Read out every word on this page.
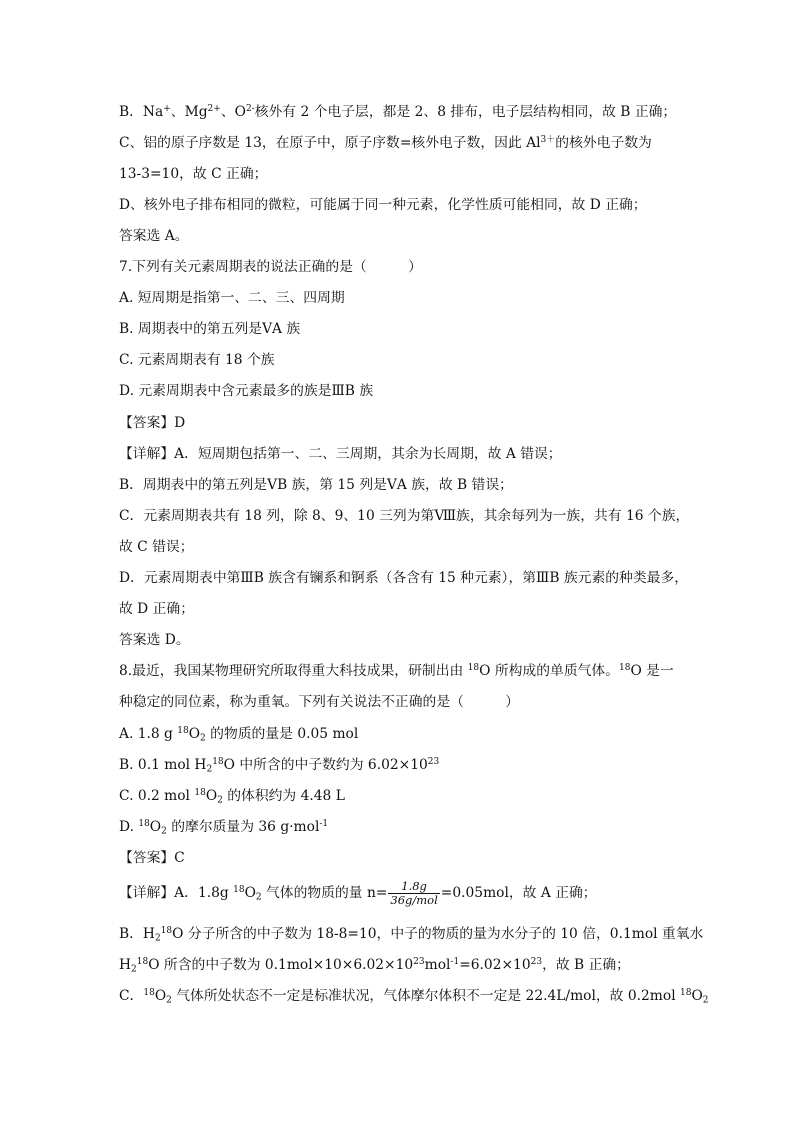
B．Na+、$Mg^{2+}$、$O^{2-}$核外有 2 个电子层，都是 2、8 排布，电子层结构相同，故 B 正确；
C、铝的原子序数是 13，在原子中，原子序数=核外电子数，因此 $Al^{3+}$的核外电子数为
13-3=10，故 C 正确；
D、核外电子排布相同的微粒，可能属于同一种元素，化学性质可能相同，故 D 正确；
答案选 A。
7.下列有关元素周期表的说法正确的是（　　　）
A. 短周期是指第一、二、三、四周期
B. 周期表中的第五列是ⅤA 族
C. 元素周期表有 18 个族
D. 元素周期表中含元素最多的族是ⅢB 族
【答案】D
【详解】A．短周期包括第一、二、三周期，其余为长周期，故 A 错误；
B．周期表中的第五列是ⅤB 族，第 15 列是ⅤA 族，故 B 错误；
C．元素周期表共有 18 列，除 8、9、10 三列为第Ⅷ族，其余每列为一族，共有 16 个族，
故 C 错误；
D．元素周期表中第ⅢB 族含有镧系和锕系（各含有 15 种元素），第ⅢB 族元素的种类最多，
故 D 正确；
答案选 D。
8.最近，我国某物理研究所取得重大科技成果，研制出由 $^{18}$O 所构成的单质气体。$^{18}$O 是一
种稳定的同位素，称为重氧。下列有关说法不正确的是（　　　）
A. 1.8 g $^{18}O_2$ 的物质的量是 0.05 mol
B. 0.1 mol $H_2^{18}O$ 中所含的中子数约为 $6.02\times 10^{23}$
C. 0.2 mol $^{18}O_2$ 的体积约为 4.48 L
D. $^{18}O_2$ 的摩尔质量为 36 g·mol$^{-1}$
【答案】C
【详解】A．1.8g $^{18}O_2$ 气体的物质的量 $n= \frac{1.8g}{\text{36g/mol}} =0.05mol$，故 A 正确；
B．$H_2^{18}O$ 分子所含的中子数为 18-8=10，中子的物质的量为水分子的 10 倍，0.1mol 重氧水
$H_2^{18}O$ 所含的中子数为 $0.1mol\times 10\times 6.02\times 10^{23}mol^{-1}=6.02\times 10^{23}$，故 B 正确；
C．$^{18}O_2$ 气体所处状态不一定是标准状况，气体摩尔体积不一定是 22.4L/mol，故 0.2mol $^{18}O_2$
